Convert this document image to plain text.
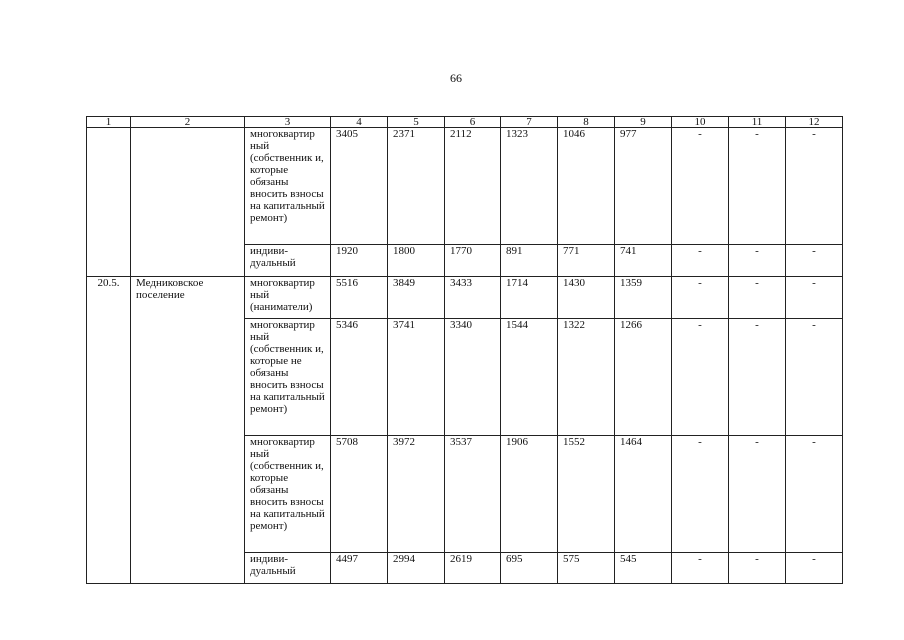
66
1	2	3	4	5	6	7	8	9	10	11	12
		многоквартир ный (собственник и, которые обязаны вносить взносы на капитальный ремонт)	3405	2371	2112	1323	1046	977	-	-	-
		индиви-дуальный	1920	1800	1770	891	771	741	-	-	-
20.5.	Медниковское поселение	многоквартир ный (наниматели)	5516	3849	3433	1714	1430	1359	-	-	-
		многоквартир ный (собственник и, которые не обязаны вносить взносы на капитальный ремонт)	5346	3741	3340	1544	1322	1266	-	-	-
		многоквартир ный (собственник и, которые обязаны вносить взносы на капитальный ремонт)	5708	3972	3537	1906	1552	1464	-	-	-
		индиви-дуальный	4497	2994	2619	695	575	545	-	-	-
